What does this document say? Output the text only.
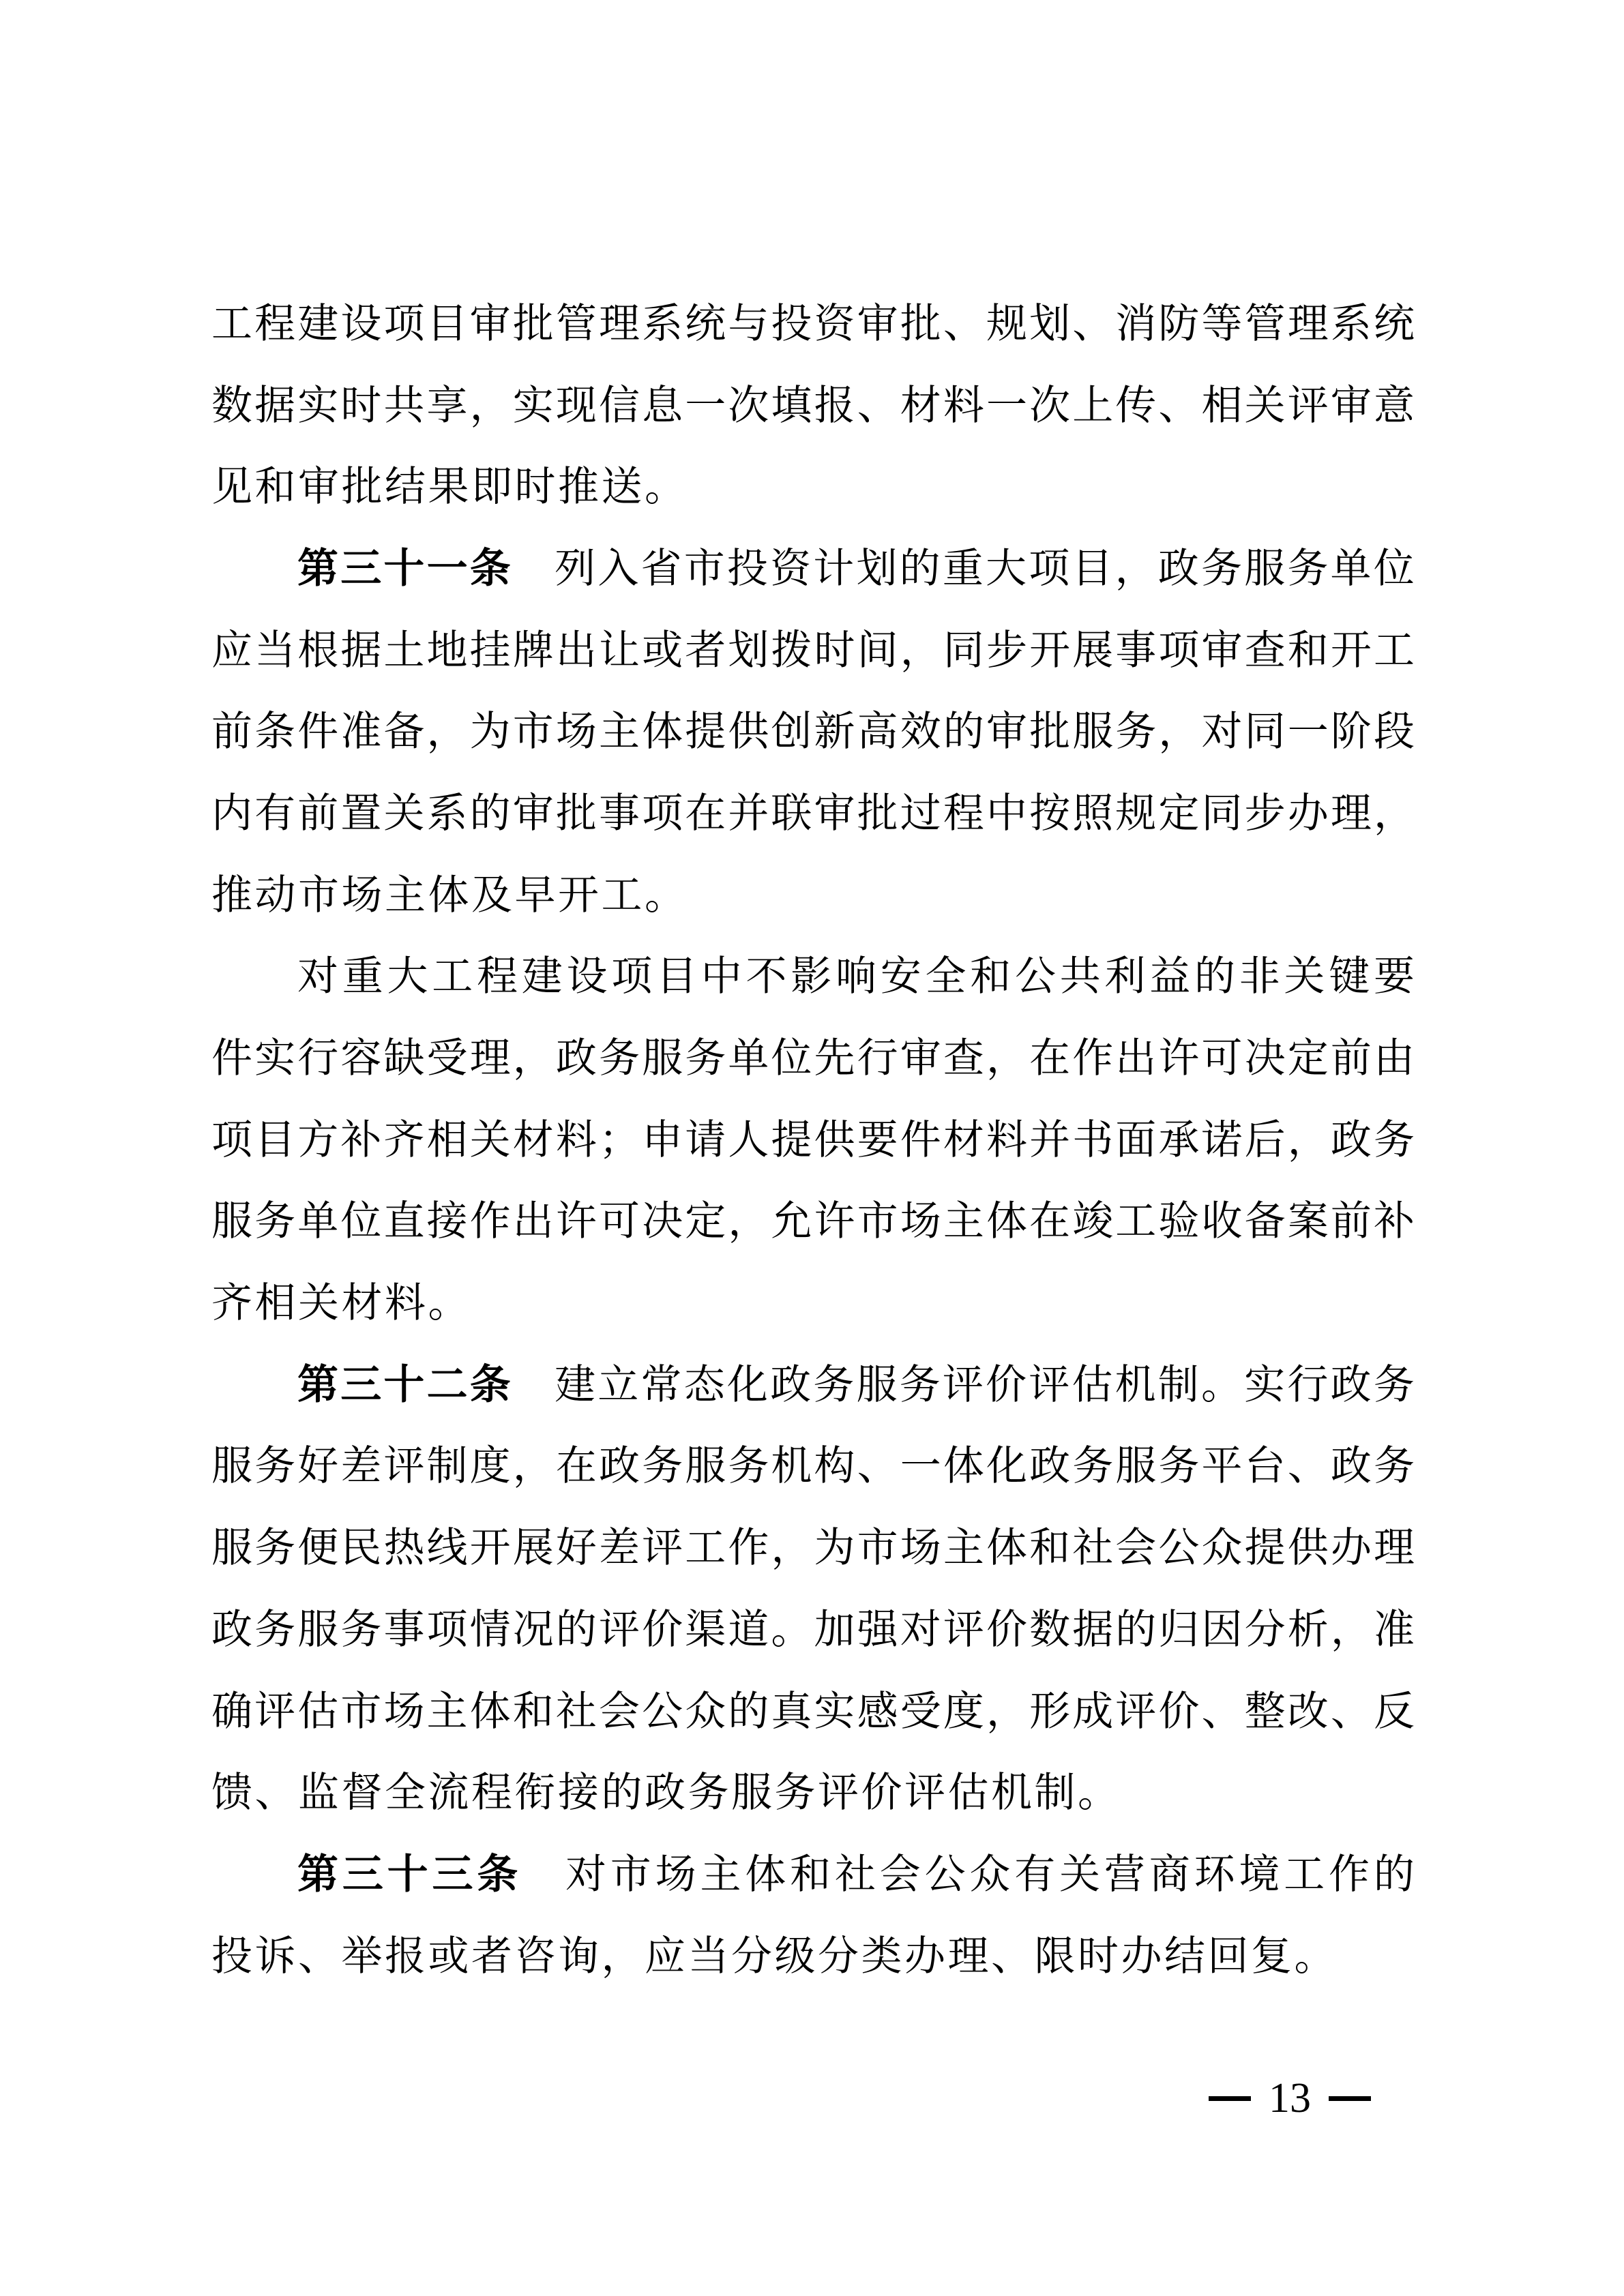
工 程 建 设 项 目 审 批 管 理 系 统 与 投 资 审 批 、 规 划 、 消 防 等 管 理 系 统
数 据 实 时 共 享 ， 实 现 信 息 一 次 填 报 、 材 料 一 次 上 传 、 相 关 评 审 意
见 和 审 批 结 果 即 时 推 送 。
第 三 十 一 条
　 列 入 省 市 投 资 计 划 的 重 大 项 目 ， 政 务 服 务 单 位
应 当 根 据 土 地 挂 牌 出 让 或 者 划 拨 时 间 ， 同 步 开 展 事 项 审 查 和 开 工
前 条 件 准 备 ， 为 市 场 主 体 提 供 创 新 高 效 的 审 批 服 务 ， 对 同 一 阶 段
内 有 前 置 关 系 的 审 批 事 项 在 并 联 审 批 过 程 中 按 照 规 定 同 步 办 理 ，
推 动 市 场 主 体 及 早 开 工 。
对 重 大 工 程 建 设 项 目 中 不 影 响 安 全 和 公 共 利 益 的 非 关 键 要
件 实 行 容 缺 受 理 ， 政 务 服 务 单 位 先 行 审 查 ， 在 作 出 许 可 决 定 前 由
项 目 方 补 齐 相 关 材 料 ； 申 请 人 提 供 要 件 材 料 并 书 面 承 诺 后 ， 政 务
服 务 单 位 直 接 作 出 许 可 决 定 ， 允 许 市 场 主 体 在 竣 工 验 收 备 案 前 补
齐 相 关 材 料 。
第 三 十 二 条
　 建 立 常 态 化 政 务 服 务 评 价 评 估 机 制 。 实 行 政 务
服 务 好 差 评 制 度 ， 在 政 务 服 务 机 构 、 一 体 化 政 务 服 务 平 台 、 政 务
服 务 便 民 热 线 开 展 好 差 评 工 作 ， 为 市 场 主 体 和 社 会 公 众 提 供 办 理
政 务 服 务 事 项 情 况 的 评 价 渠 道 。 加 强 对 评 价 数 据 的 归 因 分 析 ， 准
确 评 估 市 场 主 体 和 社 会 公 众 的 真 实 感 受 度 ， 形 成 评 价 、 整 改 、 反
馈 、 监 督 全 流 程 衔 接 的 政 务 服 务 评 价 评 估 机 制 。
第 三 十 三 条
　 对 市 场 主 体 和 社 会 公 众 有 关 营 商 环 境 工 作 的
投 诉 、 举 报 或 者 咨 询 ， 应 当 分 级 分 类 办 理 、 限 时 办 结 回 复 。
13
